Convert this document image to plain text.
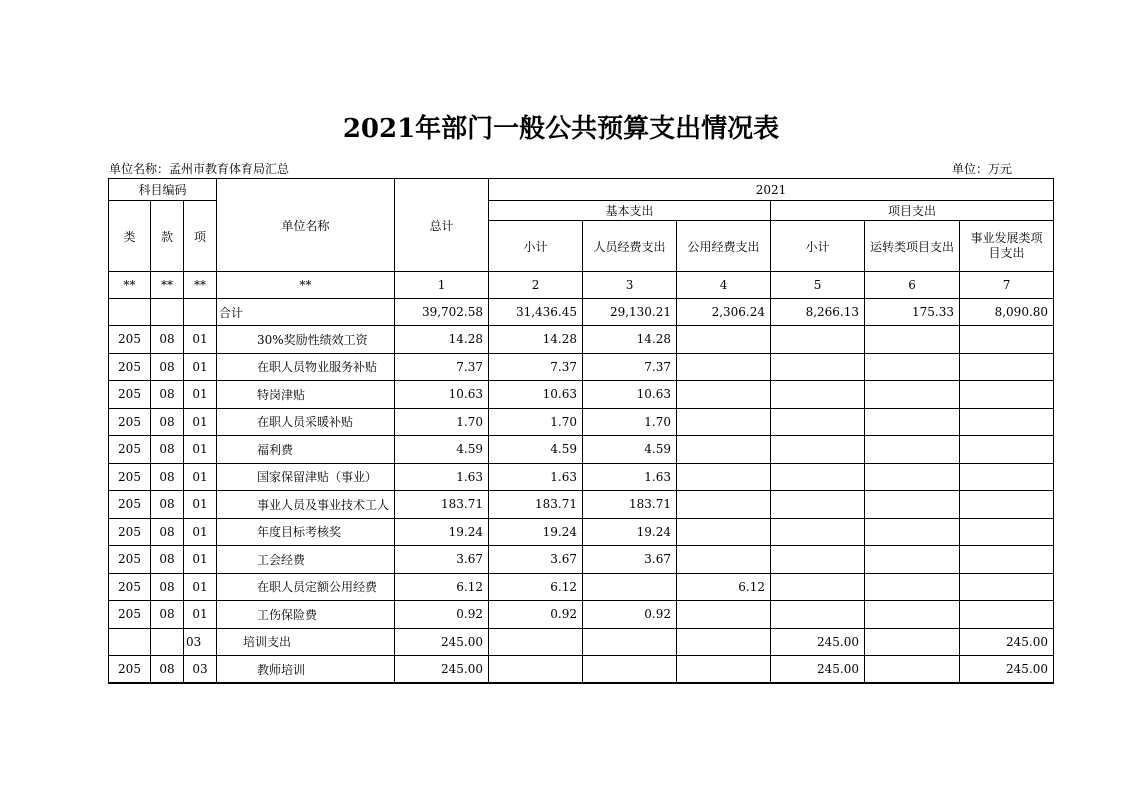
2021年部门一般公共预算支出情况表
单位名称：孟州市教育体育局汇总	单位：万元
科目编码			单位名称	总计	2021					
类	款	项			基本支出			项目支出		
					小计	人员经费支出	公用经费支出	小计	运转类项目支出	事业发展类项目支出
**	**	**	**	1	2	3	4	5	6	7
			合计	39,702.58	31,436.45	29,130.21	2,306.24	8,266.13	175.33	8,090.80
205	08	01	30%奖励性绩效工资	14.28	14.28	14.28				
205	08	01	在职人员物业服务补贴	7.37	7.37	7.37				
205	08	01	特岗津贴	10.63	10.63	10.63				
205	08	01	在职人员采暖补贴	1.70	1.70	1.70				
205	08	01	福利费	4.59	4.59	4.59				
205	08	01	国家保留津贴（事业）	1.63	1.63	1.63				
205	08	01	事业人员及事业技术工人	183.71	183.71	183.71				
205	08	01	年度目标考核奖	19.24	19.24	19.24				
205	08	01	工会经费	3.67	3.67	3.67				
205	08	01	在职人员定额公用经费	6.12	6.12		6.12			
205	08	01	工伤保险费	0.92	0.92	0.92				
		03	培训支出	245.00				245.00		245.00
205	08	03	教师培训	245.00				245.00		245.00
